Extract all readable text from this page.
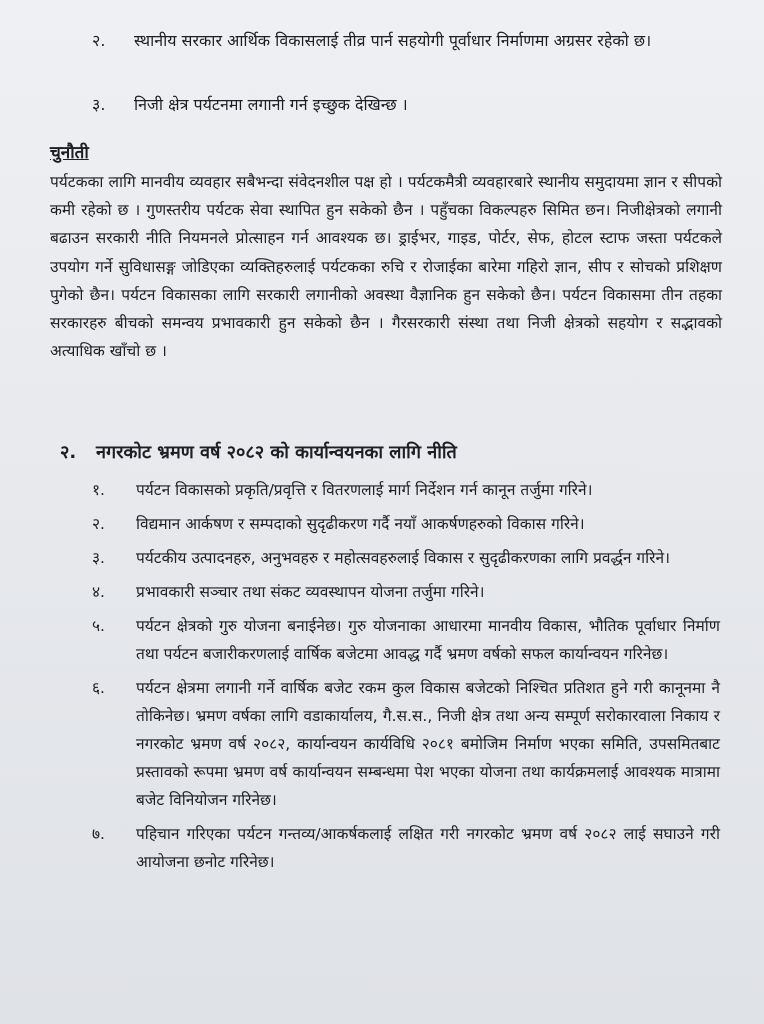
२.	स्थानीय सरकार आर्थिक विकासलाई तीव्र पार्न सहयोगी पूर्वाधार निर्माणमा अग्रसर रहेको छ।
३.	निजी क्षेत्र पर्यटनमा लगानी गर्न इच्छुक देखिन्छ ।
चुनौती

पर्यटकका लागि मानवीय व्यवहार सबैभन्दा संवेदनशील पक्ष हो । पर्यटकमैत्री व्यवहारबारे स्थानीय समुदायमा ज्ञान र सीपको कमी रहेको छ । गुणस्तरीय पर्यटक सेवा स्थापित हुन सकेको छैन । पहुँचका विकल्पहरु सिमित छन। निजीक्षेत्रको लगानी बढाउन सरकारी नीति नियमनले प्रोत्साहन गर्न आवश्यक छ। ड्राईभर, गाइड, पोर्टर, सेफ, होटल स्टाफ जस्ता पर्यटकले उपयोग गर्ने सुविधासङ्ग जोडिएका व्यक्तिहरुलाई पर्यटकका रुचि र रोजाईका बारेमा गहिरो ज्ञान, सीप र सोचको प्रशिक्षण पुगेको छैन। पर्यटन विकासका लागि सरकारी लगानीको अवस्था वैज्ञानिक हुन सकेको छैन। पर्यटन विकासमा तीन तहका सरकारहरु बीचको समन्वय प्रभावकारी हुन सकेको छैन । गैरसरकारी संस्था तथा निजी क्षेत्रको सहयोग र सद्भावको अत्याधिक खाँचो छ ।

२. नगरकोट भ्रमण वर्ष २०८२ को कार्यान्वयनका लागि नीति
१.	पर्यटन विकासको प्रकृति/प्रवृत्ति र वितरणलाई मार्ग निर्देशन गर्न कानून तर्जुमा गरिने।
२.	विद्यमान आर्कषण र सम्पदाको सुदृढीकरण गर्दै नयाँ आकर्षणहरुको विकास गरिने।
३.	पर्यटकीय उत्पादनहरु, अनुभवहरु र महोत्सवहरुलाई विकास र सुदृढीकरणका लागि प्रवर्द्धन गरिने।
४.	प्रभावकारी सञ्चार तथा संकट व्यवस्थापन योजना तर्जुमा गरिने।
५.	पर्यटन क्षेत्रको गुरु योजना बनाईनेछ। गुरु योजनाका आधारमा मानवीय विकास, भौतिक पूर्वाधार निर्माण तथा पर्यटन बजारीकरणलाई वार्षिक बजेटमा आवद्ध गर्दै भ्रमण वर्षको सफल कार्यान्वयन गरिनेछ।
६.	पर्यटन क्षेत्रमा लगानी गर्ने वार्षिक बजेट रकम कुल विकास बजेटको निश्चित प्रतिशत हुने गरी कानूनमा नै तोकिनेछ। भ्रमण वर्षका लागि वडाकार्यालय, गै.स.स., निजी क्षेत्र तथा अन्य सम्पूर्ण सरोकारवाला निकाय र नगरकोट भ्रमण वर्ष २०८२, कार्यान्वयन कार्यविधि २०८१ बमोजिम निर्माण भएका समिति, उपसमितबाट प्रस्तावको रूपमा भ्रमण वर्ष कार्यान्वयन सम्बन्धमा पेश भएका योजना तथा कार्यक्रमलाई आवश्यक मात्रामा बजेट विनियोजन गरिनेछ।
७.	पहिचान गरिएका पर्यटन गन्तव्य/आकर्षकलाई लक्षित गरी नगरकोट भ्रमण वर्ष २०८२ लाई सघाउने गरी आयोजना छनोट गरिनेछ।
